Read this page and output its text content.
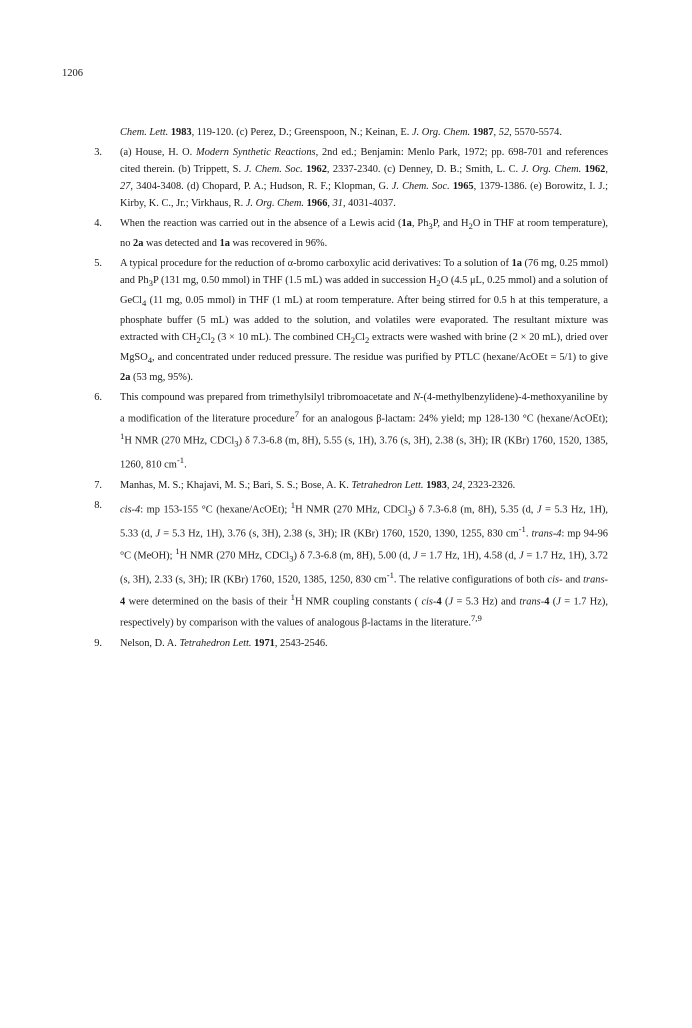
1206
Chem. Lett. 1983, 119-120. (c) Perez, D.; Greenspoon, N.; Keinan, E. J. Org. Chem. 1987, 52, 5570-5574.
3. (a) House, H. O. Modern Synthetic Reactions, 2nd ed.; Benjamin: Menlo Park, 1972; pp. 698-701 and references cited therein. (b) Trippett, S. J. Chem. Soc. 1962, 2337-2340. (c) Denney, D. B.; Smith, L. C. J. Org. Chem. 1962, 27, 3404-3408. (d) Chopard, P. A.; Hudson, R. F.; Klopman, G. J. Chem. Soc. 1965, 1379-1386. (e) Borowitz, I. J.; Kirby, K. C., Jr.; Virkhaus, R. J. Org. Chem. 1966, 31, 4031-4037.
4. When the reaction was carried out in the absence of a Lewis acid (1a, $Ph_3P$, and $H_2O$ in THF at room temperature), no 2a was detected and 1a was recovered in 96%.
5. A typical procedure for the reduction of α-bromo carboxylic acid derivatives: To a solution of 1a (76 mg, 0.25 mmol) and $Ph_3P$ (131 mg, 0.50 mmol) in THF (1.5 mL) was added in succession $H_2O$ (4.5 μL, 0.25 mmol) and a solution of GeCl$_4$ (11 mg, 0.05 mmol) in THF (1 mL) at room temperature. After being stirred for 0.5 h at this temperature, a phosphate buffer (5 mL) was added to the solution, and volatiles were evaporated. The resultant mixture was extracted with $CH_2Cl_2$ (3 × 10 mL). The combined $CH_2Cl_2$ extracts were washed with brine (2 × 20 mL), dried over MgSO$_4$, and concentrated under reduced pressure. The residue was purified by PTLC (hexane/AcOEt = 5/1) to give 2a (53 mg, 95%).
6. This compound was prepared from trimethylsilyl tribromoacetate and N-(4-methylbenzylidene)-4-methoxyaniline by a modification of the literature procedure$^7$ for an analogous β-lactam: 24% yield; mp 128-130 °C (hexane/AcOEt); $^1$H NMR (270 MHz, CDCl$_3$) δ 7.3-6.8 (m, 8H), 5.55 (s, 1H), 3.76 (s, 3H), 2.38 (s, 3H); IR (KBr) 1760, 1520, 1385, 1260, 810 $cm^{-1}$.
7. Manhas, M. S.; Khajavi, M. S.; Bari, S. S.; Bose, A. K. Tetrahedron Lett. 1983, 24, 2323-2326.
8. cis-4: mp 153-155 °C (hexane/AcOEt); $^1$H NMR (270 MHz, CDCl$_3$) δ 7.3-6.8 (m, 8H), 5.35 (d, J = 5.3 Hz, 1H), 5.33 (d, J = 5.3 Hz, 1H), 3.76 (s, 3H), 2.38 (s, 3H); IR (KBr) 1760, 1520, 1390, 1255, 830 $cm^{-1}$. trans-4: mp 94-96 °C (MeOH); $^1$H NMR (270 MHz, CDCl$_3$) δ 7.3-6.8 (m, 8H), 5.00 (d, J = 1.7 Hz, 1H), 4.58 (d, J = 1.7 Hz, 1H), 3.72 (s, 3H), 2.33 (s, 3H); IR (KBr) 1760, 1520, 1385, 1250, 830 $cm^{-1}$. The relative configurations of both cis- and trans-4 were determined on the basis of their $^1$H NMR coupling constants ( cis-4 (J = 5.3 Hz) and trans-4 (J = 1.7 Hz), respectively) by comparison with the values of analogous β-lactams in the literature.$^{7,9}$
9. Nelson, D. A. Tetrahedron Lett. 1971, 2543-2546.
